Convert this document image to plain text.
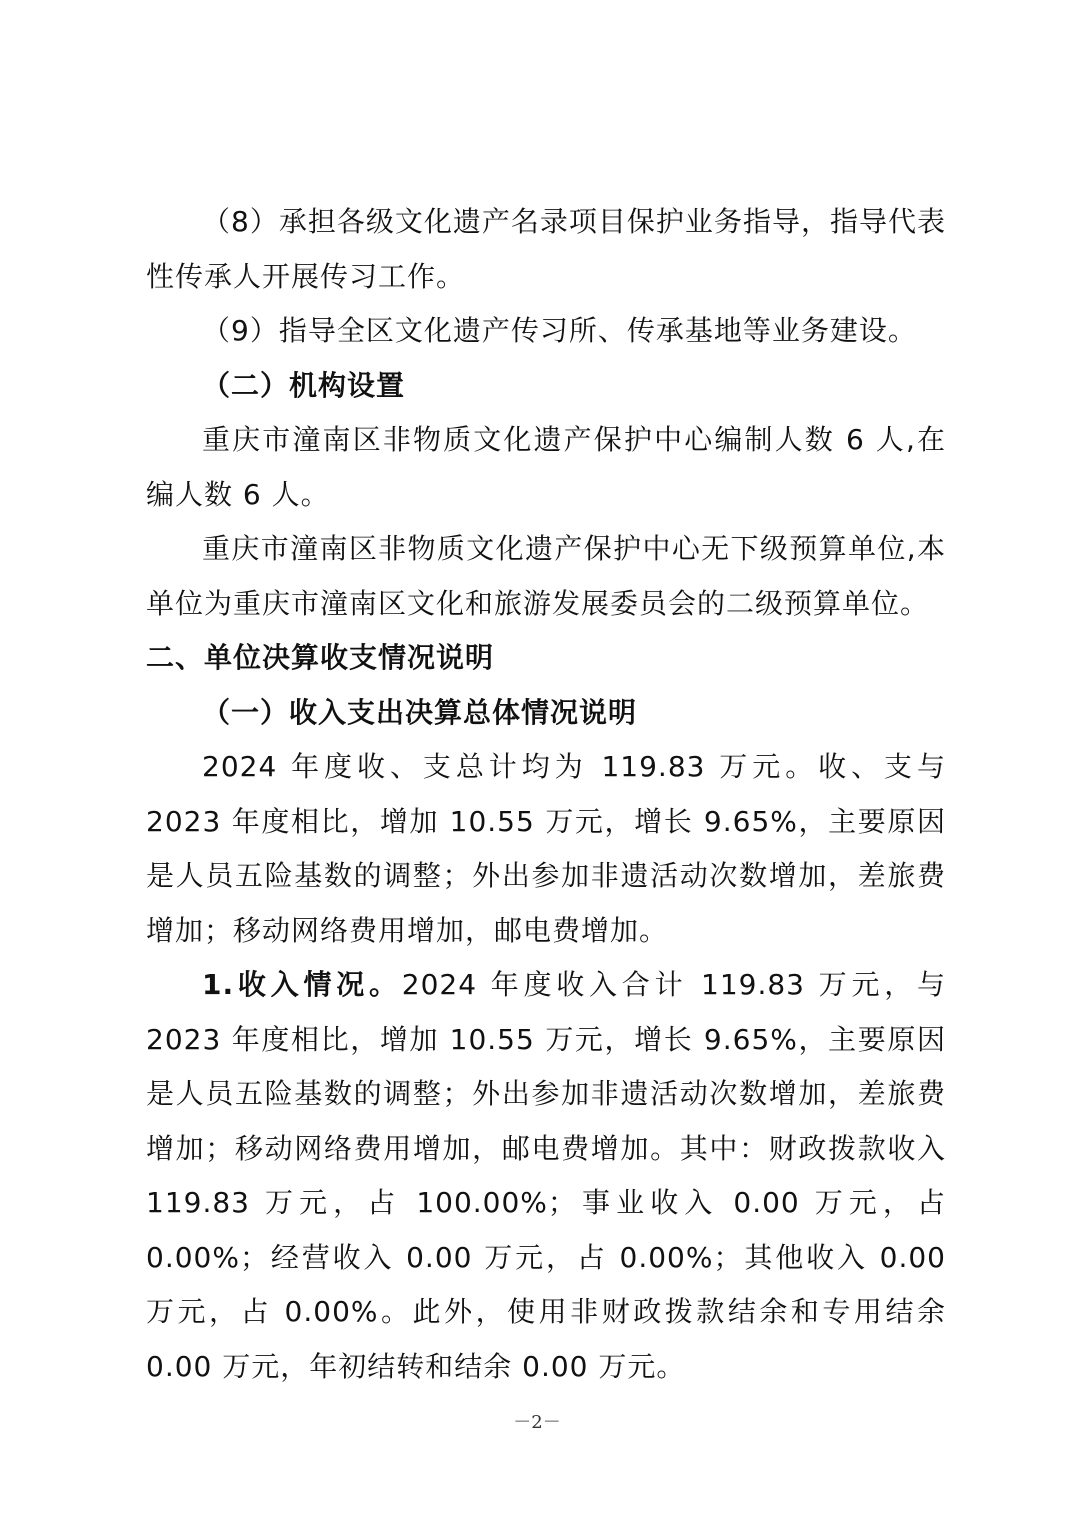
（8）承担各级文化遗产名录项目保护业务指导，指导代表性传承人开展传习工作。

（9）指导全区文化遗产传习所、传承基地等业务建设。

（二）机构设置

重庆市潼南区非物质文化遗产保护中心编制人数 6 人,在编人数 6 人。

重庆市潼南区非物质文化遗产保护中心无下级预算单位,本单位为重庆市潼南区文化和旅游发展委员会的二级预算单位。

二、单位决算收支情况说明

（一）收入支出决算总体情况说明

2024 年度收、支总计均为 119.83 万元。收、支与 2023 年度相比，增加 10.55 万元，增长 9.65%，主要原因是人员五险基数的调整；外出参加非遗活动次数增加，差旅费增加；移动网络费用增加，邮电费增加。

1.收入情况。2024 年度收入合计 119.83 万元，与 2023 年度相比，增加 10.55 万元，增长 9.65%，主要原因是人员五险基数的调整；外出参加非遗活动次数增加，差旅费增加；移动网络费用增加，邮电费增加。其中：财政拨款收入 119.83 万元，占 100.00%；事业收入 0.00 万元，占 0.00%；经营收入 0.00 万元，占 0.00%；其他收入 0.00 万元，占 0.00%。此外，使用非财政拨款结余和专用结余 0.00 万元，年初结转和结余 0.00 万元。

－2－
